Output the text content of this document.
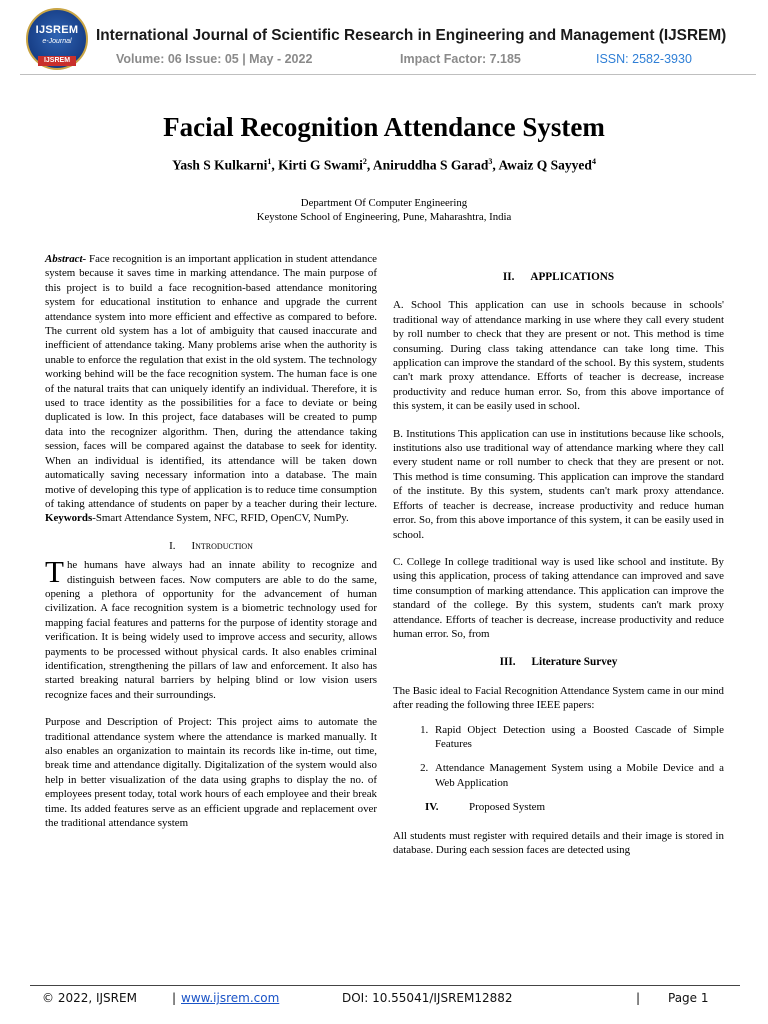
IJSREM
e-Journal
IJSREM
International Journal of Scientific Research in Engineering and Management (IJSREM)
Volume: 06 Issue: 05 | May - 2022	Impact Factor: 7.185	ISSN: 2582-3930
Facial Recognition Attendance System
Yash S Kulkarni$^1$, Kirti G Swami$^2$, Aniruddha S Garad$^3$, Awaiz Q Sayyed$^4$
Department Of Computer Engineering
Keystone School of Engineering, Pune, Maharashtra, India

Abstract- Face recognition is an important application in student attendance system because it saves time in marking attendance. The main purpose of this project is to build a face recognition-based attendance monitoring system for educational institution to enhance and upgrade the current attendance system into more efficient and effective as compared to before. The current old system has a lot of ambiguity that caused inaccurate and inefficient of attendance taking. Many problems arise when the authority is unable to enforce the regulation that exist in the old system. The technology working behind will be the face recognition system. The human face is one of the natural traits that can uniquely identify an individual. Therefore, it is used to trace identity as the possibilities for a face to deviate or being duplicated is low. In this project, face databases will be created to pump data into the recognizer algorithm. Then, during the attendance taking session, faces will be compared against the database to seek for identity. When an individual is identified, its attendance will be taken down automatically saving necessary information into a database. The main motive of developing this type of application is to reduce time consumption of taking attendance of students on paper by a teacher during their lecture. Keywords-Smart Attendance System, NFC, RFID, OpenCV, NumPy.

I. Introduction

The humans have always had an innate ability to recognize and distinguish between faces. Now computers are able to do the same, opening a plethora of opportunity for the advancement of human civilization. A face recognition system is a biometric technology used for mapping facial features and patterns for the purpose of identity storage and verification. It is being widely used to improve access and security, allows payments to be processed without physical cards. It also enables criminal identification, strengthening the pillars of law and enforcement. It also has started breaking natural barriers by helping blind or low vision users recognize faces and their surroundings.

Purpose and Description of Project: This project aims to automate the traditional attendance system where the attendance is marked manually. It also enables an organization to maintain its records like in-time, out time, break time and attendance digitally. Digitalization of the system would also help in better visualization of the data using graphs to display the no. of employees present today, total work hours of each employee and their break time. Its added features serve as an efficient upgrade and replacement over the traditional attendance system

II. APPLICATIONS

A. School This application can use in schools because in schools' traditional way of attendance marking in use where they call every student by roll number to check that they are present or not. This method is time consuming. During class taking attendance can take long time. This application can improve the standard of the school. By this system, students can't mark proxy attendance. Efforts of teacher is decrease, increase productivity and reduce human error. So, from this above importance of this system, it can be easily used in school.

B. Institutions This application can use in institutions because like schools, institutions also use traditional way of attendance marking where they call every student name or roll number to check that they are present or not. This method is time consuming. This application can improve the standard of the institute. By this system, students can't mark proxy attendance. Efforts of teacher is decrease, increase productivity and reduce human error. So, from this above importance of this system, it can be easily used in school.

C. College In college traditional way is used like school and institute. By using this application, process of taking attendance can improved and save time consumption of marking attendance. This application can improve the standard of the college. By this system, students can't mark proxy attendance. Efforts of teacher is decrease, increase productivity and reduce human error. So, from

III. Literature Survey

The Basic ideal to Facial Recognition Attendance System came in our mind after reading the following three IEEE papers:

1. Rapid Object Detection using a Boosted Cascade of Simple Features
2. Attendance Management System using a Mobile Device and a Web Application

IV.	Proposed System

All students must register with required details and their image is stored in database. During each session faces are detected using

© 2022, IJSREM	| www.ijsrem.com	DOI: 10.55041/IJSREM12882	| Page 1
